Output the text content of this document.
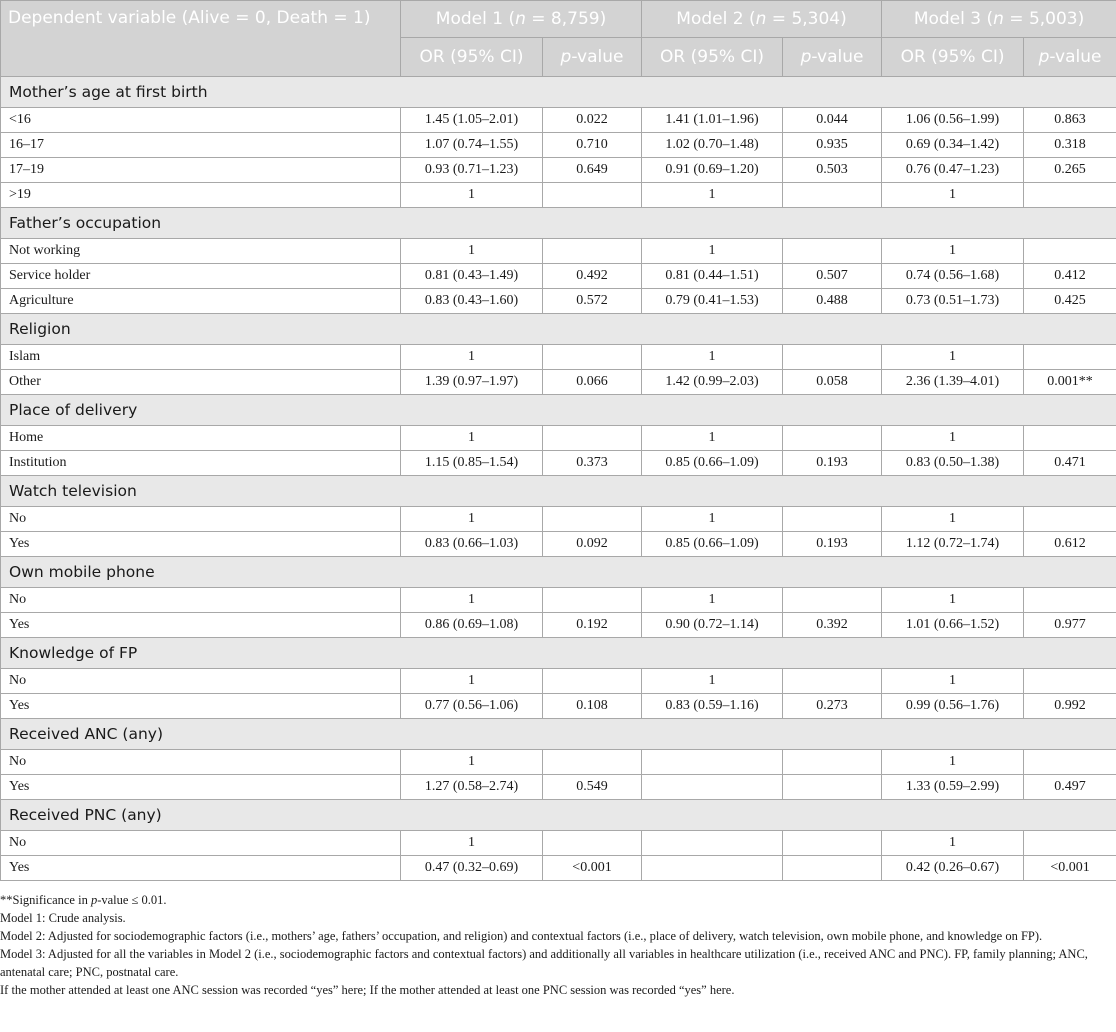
Dependent variable (Alive = 0, Death = 1)	Model 1 (n = 8,759)		Model 2 (n = 5,304)		Model 3 (n = 5,003)	
	OR (95% CI)	p-value	OR (95% CI)	p-value	OR (95% CI)	p-value
Mother’s age at first birth						
<16	1.45 (1.05–2.01)	0.022	1.41 (1.01–1.96)	0.044	1.06 (0.56–1.99)	0.863
16–17	1.07 (0.74–1.55)	0.710	1.02 (0.70–1.48)	0.935	0.69 (0.34–1.42)	0.318
17–19	0.93 (0.71–1.23)	0.649	0.91 (0.69–1.20)	0.503	0.76 (0.47–1.23)	0.265
>19	1		1		1	
Father’s occupation						
Not working	1		1		1	
Service holder	0.81 (0.43–1.49)	0.492	0.81 (0.44–1.51)	0.507	0.74 (0.56–1.68)	0.412
Agriculture	0.83 (0.43–1.60)	0.572	0.79 (0.41–1.53)	0.488	0.73 (0.51–1.73)	0.425
Religion						
Islam	1		1		1	
Other	1.39 (0.97–1.97)	0.066	1.42 (0.99–2.03)	0.058	2.36 (1.39–4.01)	0.001**
Place of delivery						
Home	1		1		1	
Institution	1.15 (0.85–1.54)	0.373	0.85 (0.66–1.09)	0.193	0.83 (0.50–1.38)	0.471
Watch television						
No	1		1		1	
Yes	0.83 (0.66–1.03)	0.092	0.85 (0.66–1.09)	0.193	1.12 (0.72–1.74)	0.612
Own mobile phone						
No	1		1		1	
Yes	0.86 (0.69–1.08)	0.192	0.90 (0.72–1.14)	0.392	1.01 (0.66–1.52)	0.977
Knowledge of FP						
No	1		1		1	
Yes	0.77 (0.56–1.06)	0.108	0.83 (0.59–1.16)	0.273	0.99 (0.56–1.76)	0.992
Received ANC (any)						
No	1				1	
Yes	1.27 (0.58–2.74)	0.549			1.33 (0.59–2.99)	0.497
Received PNC (any)						
No	1				1	
Yes	0.47 (0.32–0.69)	<0.001			0.42 (0.26–0.67)	<0.001

**Significance in p-value ≤ 0.01.

Model 1: Crude analysis.

Model 2: Adjusted for sociodemographic factors (i.e., mothers’ age, fathers’ occupation, and religion) and contextual factors (i.e., place of delivery, watch television, own mobile phone, and knowledge on FP).

Model 3: Adjusted for all the variables in Model 2 (i.e., sociodemographic factors and contextual factors) and additionally all variables in healthcare utilization (i.e., received ANC and PNC). FP, family planning; ANC, antenatal care; PNC, postnatal care.

If the mother attended at least one ANC session was recorded “yes” here; If the mother attended at least one PNC session was recorded “yes” here.
